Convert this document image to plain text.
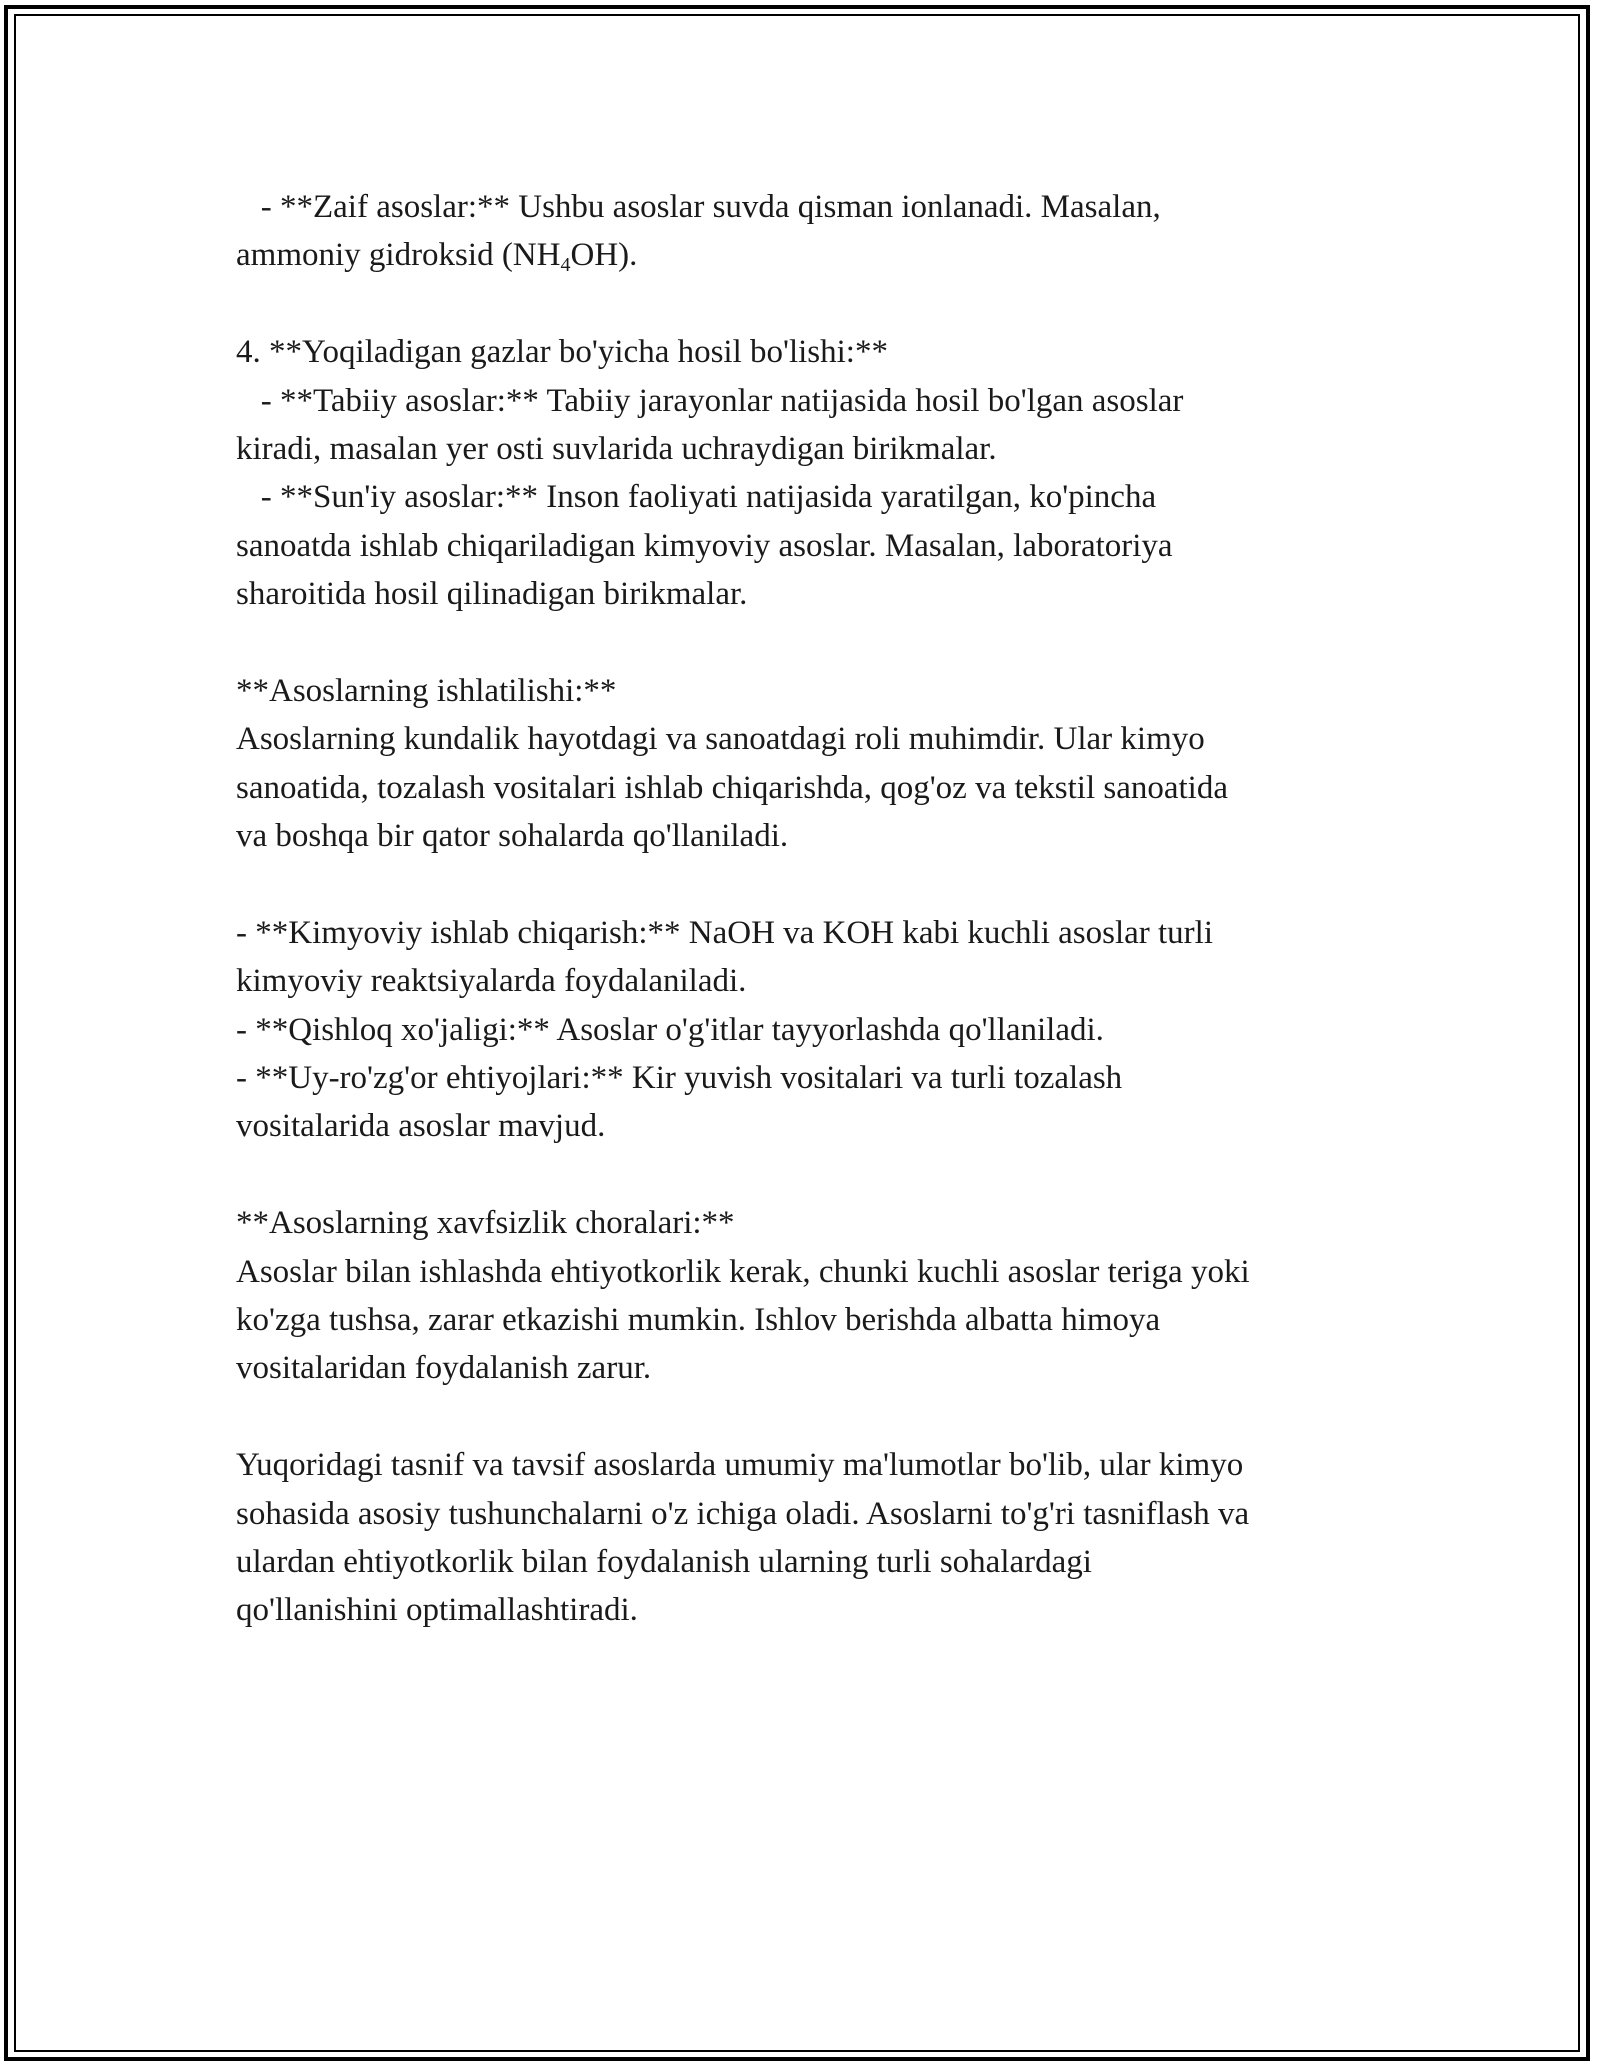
- **Zaif asoslar:** Ushbu asoslar suvda qisman ionlanadi. Masalan,
ammoniy gidroksid $(NH_4OH)$.
4. **Yoqiladigan gazlar bo'yicha hosil bo'lishi:**
- **Tabiiy asoslar:** Tabiiy jarayonlar natijasida hosil bo'lgan asoslar
kiradi, masalan yer osti suvlarida uchraydigan birikmalar.
- **Sun'iy asoslar:** Inson faoliyati natijasida yaratilgan, ko'pincha
sanoatda ishlab chiqariladigan kimyoviy asoslar. Masalan, laboratoriya
sharoitida hosil qilinadigan birikmalar.
**Asoslarning ishlatilishi:**
Asoslarning kundalik hayotdagi va sanoatdagi roli muhimdir. Ular kimyo
sanoatida, tozalash vositalari ishlab chiqarishda, qog'oz va tekstil sanoatida
va boshqa bir qator sohalarda qo'llaniladi.
- **Kimyoviy ishlab chiqarish:** NaOH va KOH kabi kuchli asoslar turli
kimyoviy reaktsiyalarda foydalaniladi.
- **Qishloq xo'jaligi:** Asoslar o'g'itlar tayyorlashda qo'llaniladi.
- **Uy-ro'zg'or ehtiyojlari:** Kir yuvish vositalari va turli tozalash
vositalarida asoslar mavjud.
**Asoslarning xavfsizlik choralari:**
Asoslar bilan ishlashda ehtiyotkorlik kerak, chunki kuchli asoslar teriga yoki
ko'zga tushsa, zarar etkazishi mumkin. Ishlov berishda albatta himoya
vositalaridan foydalanish zarur.
Yuqoridagi tasnif va tavsif asoslarda umumiy ma'lumotlar bo'lib, ular kimyo
sohasida asosiy tushunchalarni o'z ichiga oladi. Asoslarni to'g'ri tasniflash va
ulardan ehtiyotkorlik bilan foydalanish ularning turli sohalardagi
qo'llanishini optimallashtiradi.
